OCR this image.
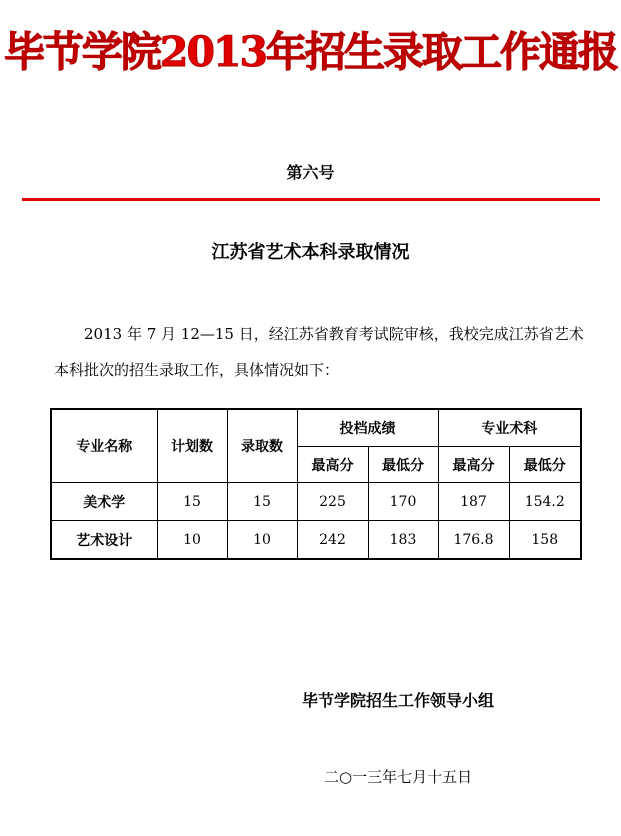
毕节学院2013年招生录取工作通报
第六号
江苏省艺术本科录取情况

2013 年 7 月 12—15 日，经江苏省教育考试院审核，我校完成江苏省艺术本科批次的招生录取工作，具体情况如下：

专业名称	计划数	录取数	投档成绩		专业术科	
			最高分	最低分	最高分	最低分
美术学	15	15	225	170	187	154.2
艺术设计	10	10	242	183	176.8	158
毕节学院招生工作领导小组
二○一三年七月十五日
